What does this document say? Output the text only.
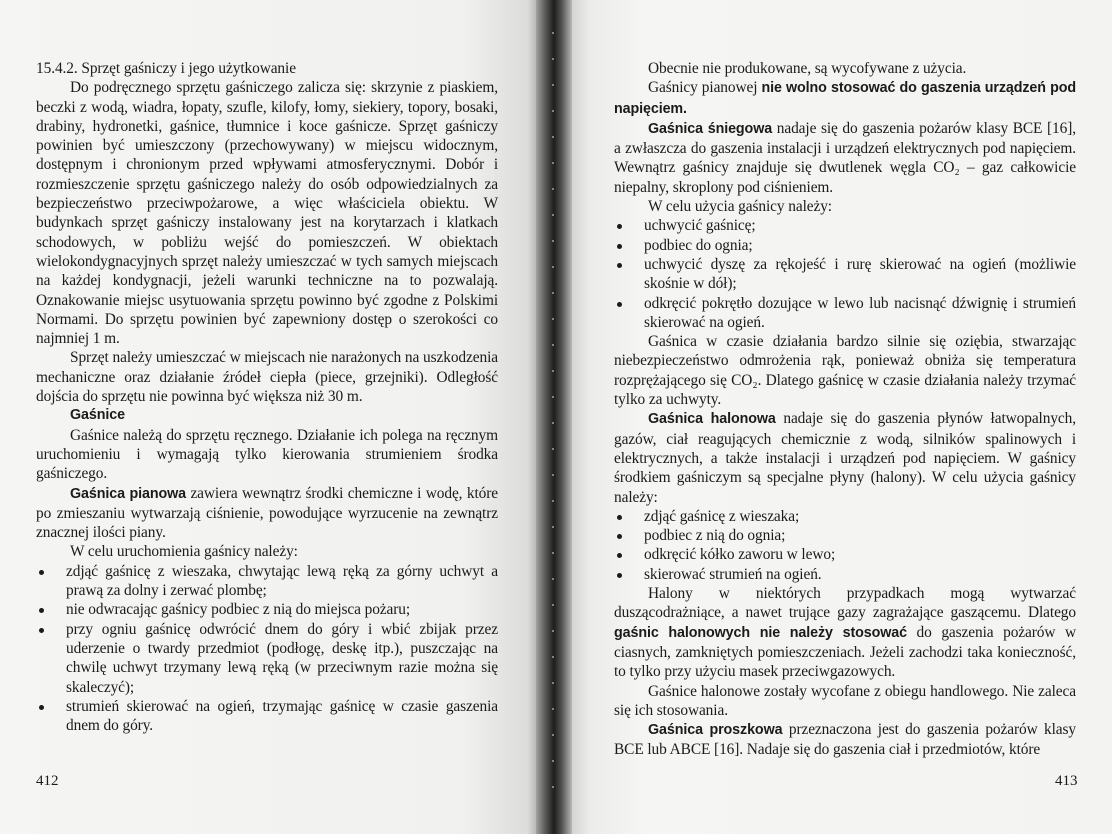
15.4.2. Sprzęt gaśniczy i jego użytkowanie

Do podręcznego sprzętu gaśniczego zalicza się: skrzynie z piaskiem, beczki z wodą, wiadra, łopaty, szufle, kilofy, łomy, siekiery, topory, bosaki, drabiny, hydronetki, gaśnice, tłumnice i koce gaśnicze. Sprzęt gaśniczy powinien być umieszczony (przechowywany) w miejscu widocznym, dostępnym i chronionym przed wpływami atmosferycznymi. Dobór i rozmieszczenie sprzętu gaśniczego należy do osób odpowiedzialnych za bezpieczeństwo przeciwpożarowe, a więc właściciela obiektu. W budynkach sprzęt gaśniczy instalowany jest na korytarzach i klatkach schodowych, w pobliżu wejść do pomieszczeń. W obiektach wielokondygnacyjnych sprzęt należy umieszczać w tych samych miejscach na każdej kondygnacji, jeżeli warunki techniczne na to pozwalają. Oznakowanie miejsc usytuowania sprzętu powinno być zgodne z Polskimi Normami. Do sprzętu powinien być zapewniony dostęp o szerokości co najmniej 1 m.

Sprzęt należy umieszczać w miejscach nie narażonych na uszkodzenia mechaniczne oraz działanie źródeł ciepła (piece, grzejniki). Odległość dojścia do sprzętu nie powinna być większa niż 30 m.

Gaśnice

Gaśnice należą do sprzętu ręcznego. Działanie ich polega na ręcznym uruchomieniu i wymagają tylko kierowania strumieniem środka gaśniczego.

Gaśnica pianowa zawiera wewnątrz środki chemiczne i wodę, które po zmieszaniu wytwarzają ciśnienie, powodujące wyrzucenie na zewnątrz znacznej ilości piany.

W celu uruchomienia gaśnicy należy:

zdjąć gaśnicę z wieszaka, chwytając lewą ręką za górny uchwyt a prawą za dolny i zerwać plombę;
nie odwracając gaśnicy podbiec z nią do miejsca pożaru;
przy ogniu gaśnicę odwrócić dnem do góry i wbić zbijak przez uderzenie o twardy przedmiot (podłogę, deskę itp.), puszczając na chwilę uchwyt trzymany lewą ręką (w przeciwnym razie można się skaleczyć);
strumień skierować na ogień, trzymając gaśnicę w czasie gaszenia dnem do góry.
412

Obecnie nie produkowane, są wycofywane z użycia.

Gaśnicy pianowej nie wolno stosować do gaszenia urządzeń pod napięciem.

Gaśnica śniegowa nadaje się do gaszenia pożarów klasy BCE [16], a zwłaszcza do gaszenia instalacji i urządzeń elektrycznych pod napięciem. Wewnątrz gaśnicy znajduje się dwutlenek węgla CO₂ – gaz całkowicie niepalny, skroplony pod ciśnieniem.

W celu użycia gaśnicy należy:

uchwycić gaśnicę;
podbiec do ognia;
uchwycić dyszę za rękojeść i rurę skierować na ogień (możliwie skośnie w dół);
odkręcić pokrętło dozujące w lewo lub nacisnąć dźwignię i strumień skierować na ogień.

Gaśnica w czasie działania bardzo silnie się oziębia, stwarzając niebezpieczeństwo odmrożenia rąk, ponieważ obniża się temperatura rozprężającego się CO₂. Dlatego gaśnicę w czasie działania należy trzymać tylko za uchwyty.

Gaśnica halonowa nadaje się do gaszenia płynów łatwopalnych, gazów, ciał reagujących chemicznie z wodą, silników spalinowych i elektrycznych, a także instalacji i urządzeń pod napięciem. W gaśnicy środkiem gaśniczym są specjalne płyny (halony). W celu użycia gaśnicy należy:

zdjąć gaśnicę z wieszaka;
podbiec z nią do ognia;
odkręcić kółko zaworu w lewo;
skierować strumień na ogień.

Halony w niektórych przypadkach mogą wytwarzać duszącodrażniące, a nawet trujące gazy zagrażające gaszącemu. Dlatego gaśnic halonowych nie należy stosować do gaszenia pożarów w ciasnych, zamkniętych pomieszczeniach. Jeżeli zachodzi taka konieczność, to tylko przy użyciu masek przeciwgazowych.

Gaśnice halonowe zostały wycofane z obiegu handlowego. Nie zaleca się ich stosowania.

Gaśnica proszkowa przeznaczona jest do gaszenia pożarów klasy BCE lub ABCE [16]. Nadaje się do gaszenia ciał i przedmiotów, które

413
